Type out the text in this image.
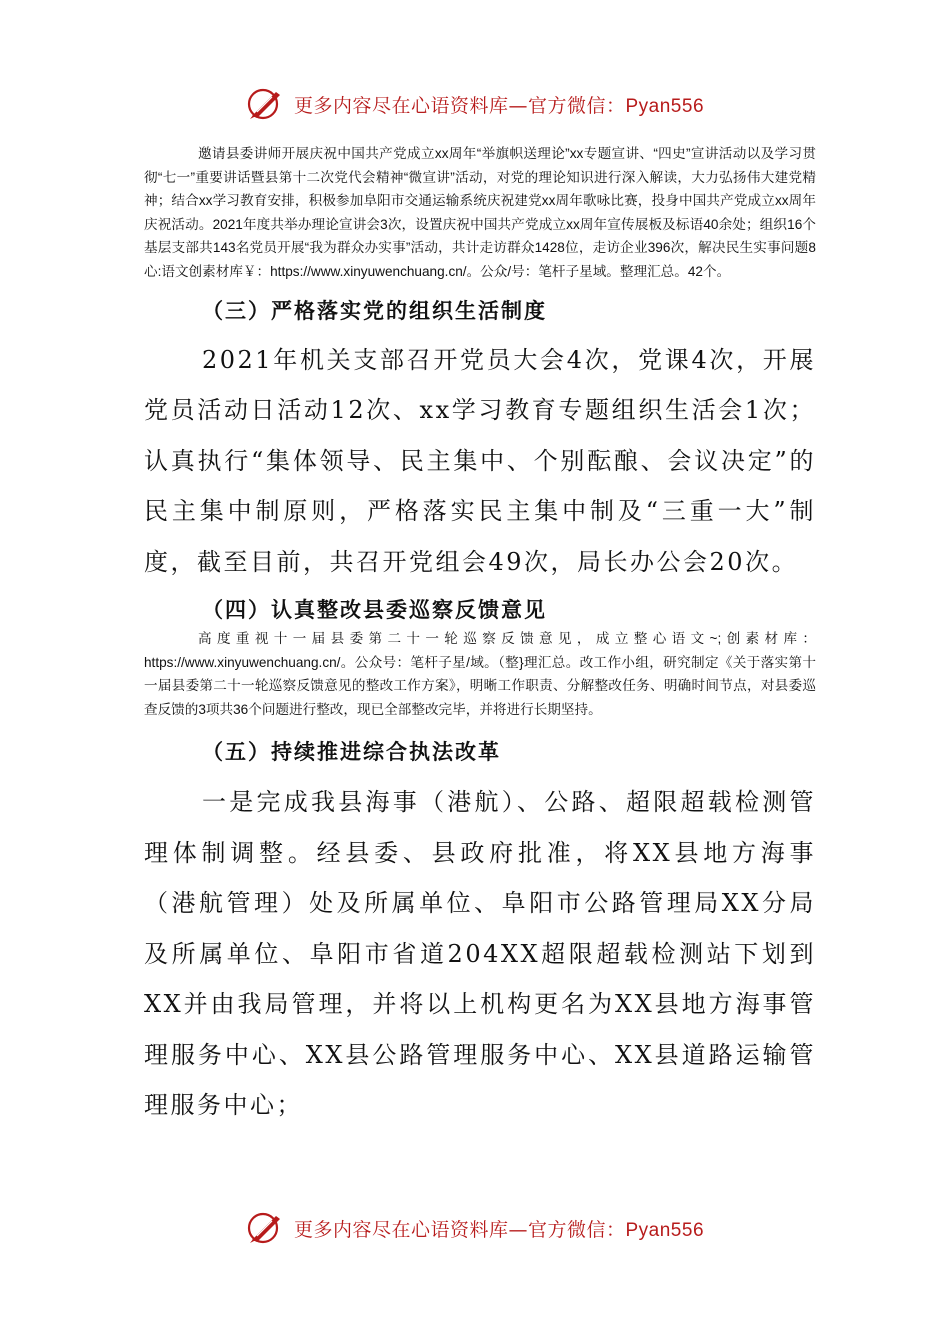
更多内容尽在心语资料库—官方微信：Pyan556

邀请县委讲师开展庆祝中国共产党成立xx周年“举旗帜送理论”xx专题宣讲、“四史”宣讲活动以及学习贯彻“七一”重要讲话暨县第十二次党代会精神“微宣讲”活动，对党的理论知识进行深入解读，大力弘扬伟大建党精神；结合xx学习教育安排，积极参加阜阳市交通运输系统庆祝建党xx周年歌咏比赛，投身中国共产党成立xx周年庆祝活动。2021年度共举办理论宣讲会3次，设置庆祝中国共产党成立xx周年宣传展板及标语40余处；组织16个基层支部共143名党员开展“我为群众办实事”活动，共计走访群众1428位，走访企业396次，解决民生实事问题8心:语文创素材库￥：https://www.xinyuwenchuang.cn/。公众/号：笔杆子星域。整理汇总。42个。

（三）严格落实党的组织生活制度

2021年机关支部召开党员大会4次，党课4次，开展党员活动日活动12次、xx学习教育专题组织生活会1次；认真执行“集体领导、民主集中、个别酝酿、会议决定”的民主集中制原则，严格落实民主集中制及“三重一大”制度，截至目前，共召开党组会49次，局长办公会20次。

（四）认真整改县委巡察反馈意见

高度重视十一届县委第二十一轮巡察反馈意见，成立整心语文~;创素材库：https://www.xinyuwenchuang.cn/。公众号：笔杆子星/域。（整}理汇总。改工作小组，研究制定《关于落实第十一届县委第二十一轮巡察反馈意见的整改工作方案》，明晰工作职责、分解整改任务、明确时间节点，对县委巡查反馈的3项共36个问题进行整改，现已全部整改完毕，并将进行长期坚持。

（五）持续推进综合执法改革

一是完成我县海事（港航）、公路、超限超载检测管理体制调整。经县委、县政府批准，将XX县地方海事（港航管理）处及所属单位、阜阳市公路管理局XX分局及所属单位、阜阳市省道204XX超限超载检测站下划到XX并由我局管理，并将以上机构更名为XX县地方海事管理服务中心、XX县公路管理服务中心、XX县道路运输管理服务中心；

更多内容尽在心语资料库—官方微信：Pyan556
